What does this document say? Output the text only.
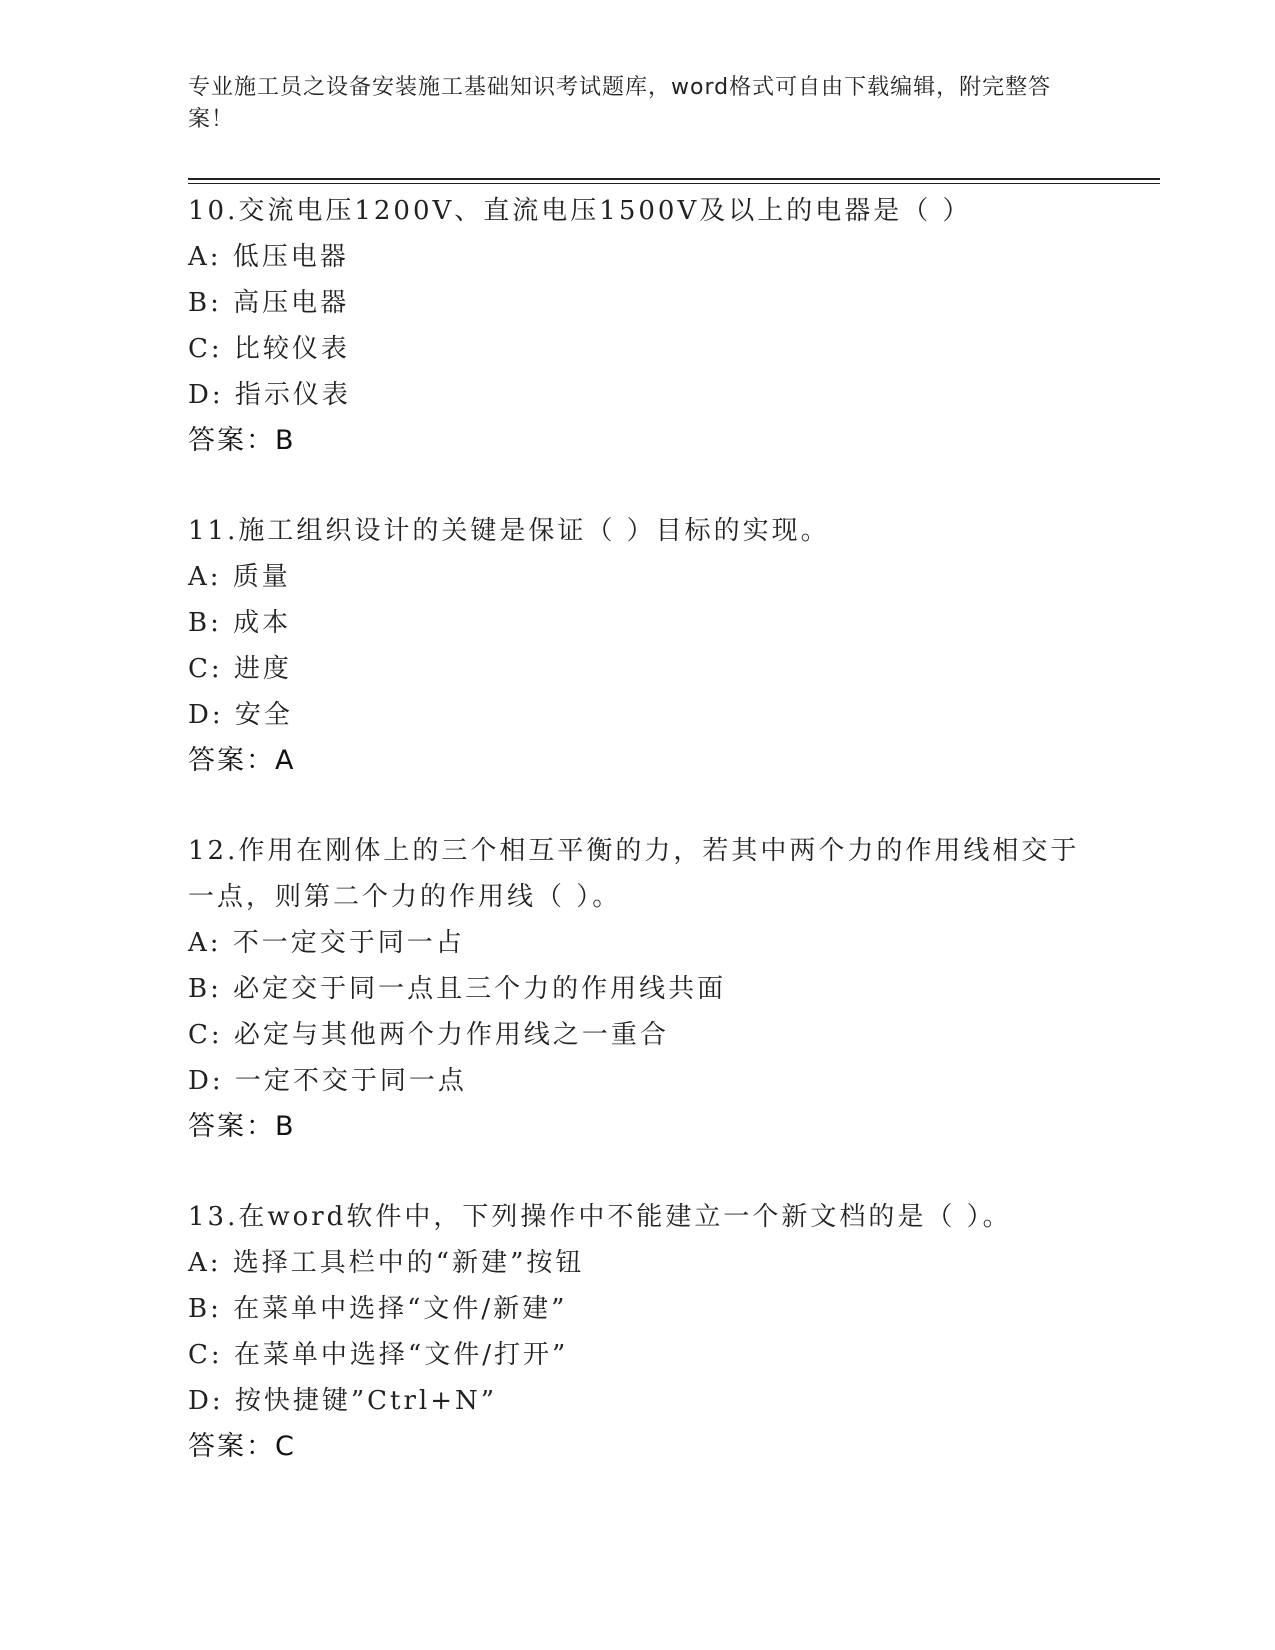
专业施工员之设备安装施工基础知识考试题库，word格式可自由下载编辑，附完整答案！
10.交流电压1200V、直流电压1500V及以上的电器是（ ）
A: 低压电器
B: 高压电器
C: 比较仪表
D: 指示仪表
答案：B
11.施工组织设计的关键是保证（ ）目标的实现。
A: 质量
B: 成本
C: 进度
D: 安全
答案：A
12.作用在刚体上的三个相互平衡的力，若其中两个力的作用线相交于一点，则第二个力的作用线（ ）。
A: 不一定交于同一占
B: 必定交于同一点且三个力的作用线共面
C: 必定与其他两个力作用线之一重合
D: 一定不交于同一点
答案：B
13.在word软件中，下列操作中不能建立一个新文档的是（ ）。
A: 选择工具栏中的“新建”按钮
B: 在菜单中选择“文件/新建”
C: 在菜单中选择“文件/打开”
D: 按快捷键”Ctrl+N”
答案：C
